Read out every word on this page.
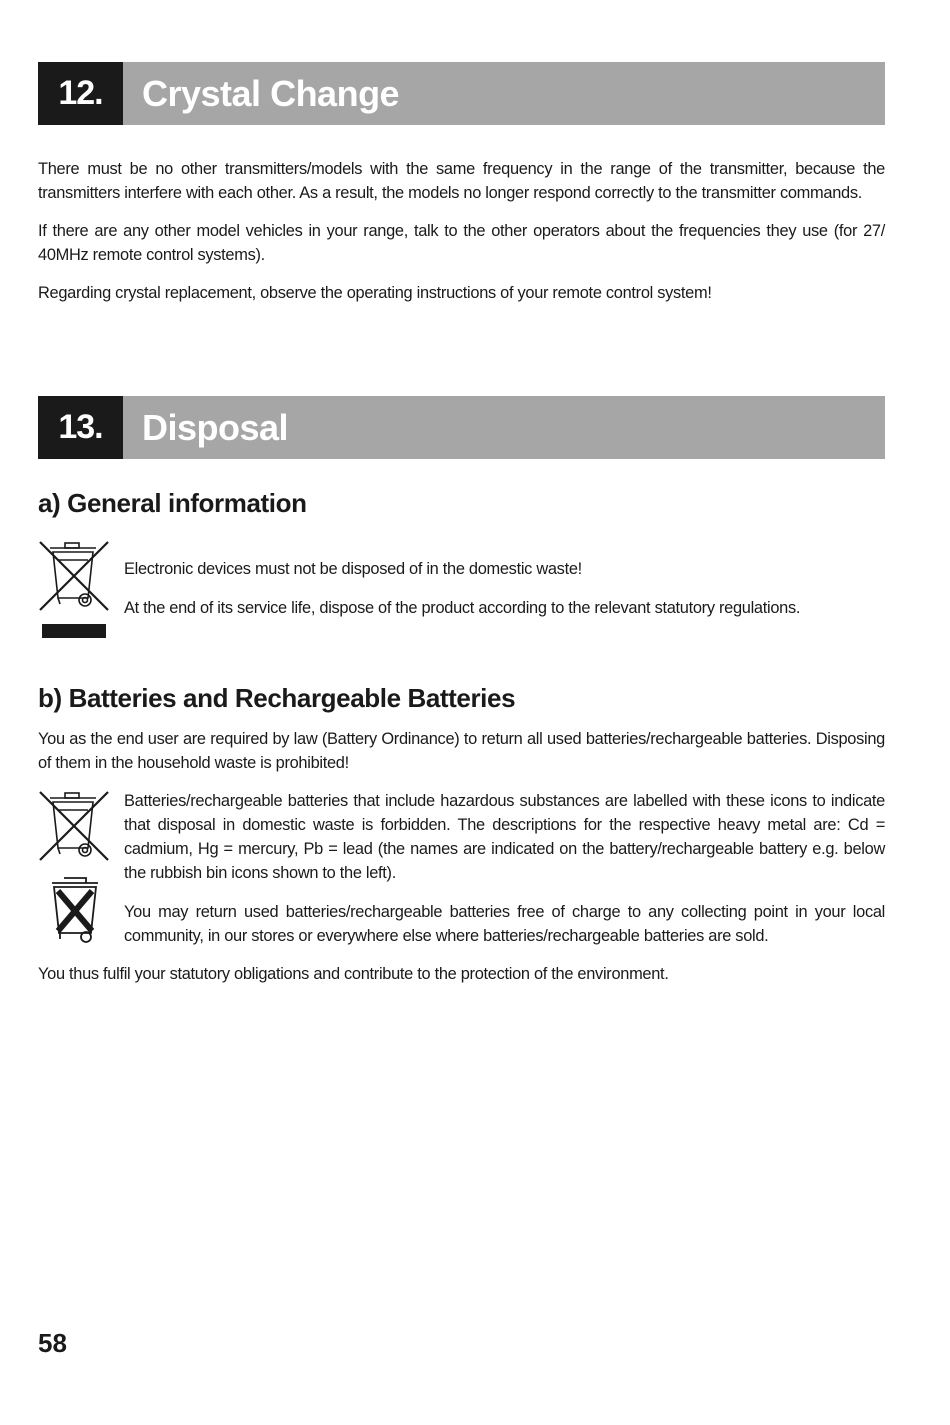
12.	Crystal Change

There must be no other transmitters/models with the same frequency in the range of the transmitter, because the transmitters interfere with each other. As a result, the models no longer respond correctly to the transmitter commands.

If there are any other model vehicles in your range, talk to the other operators about the frequencies they use (for 27/ 40MHz remote control systems).

Regarding crystal replacement, observe the operating instructions of your remote control system!

13.	Disposal
a) General information

Electronic devices must not be disposed of in the domestic waste!

At the end of its service life, dispose of the product according to the relevant statutory regulations.

b) Batteries and Rechargeable Batteries

You as the end user are required by law (Battery Ordinance) to return all used batteries/rechargeable batteries. Disposing of them in the household waste is prohibited!

Batteries/rechargeable batteries that include hazardous substances are labelled with these icons to indicate that disposal in domestic waste is forbidden. The descriptions for the respective heavy metal are: Cd = cadmium, Hg = mercury, Pb = lead (the names are indicated on the battery/rechargeable battery e.g. below the rubbish bin icons shown to the left).

You may return used batteries/rechargeable batteries free of charge to any collecting point in your local community, in our stores or everywhere else where batteries/rechargeable batteries are sold.

You thus fulfil your statutory obligations and contribute to the protection of the environment.

58
